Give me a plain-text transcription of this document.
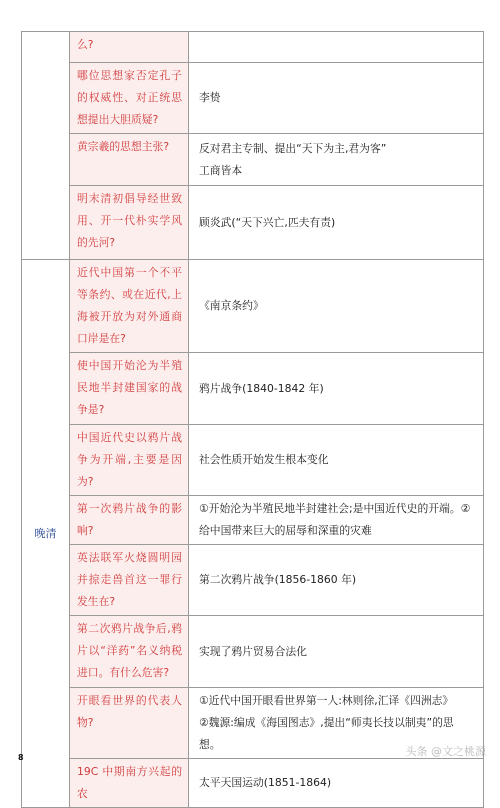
	么?	
	哪位思想家否定孔子的权威性、对正统思想提出大胆质疑?	李贽
	黄宗羲的思想主张?	反对君主专制、提出“天下为主,君为客”
工商皆本

	明末清初倡导经世致用、开一代朴实学风的先河?	顾炎武(“天下兴亡,匹夫有责)
晚清	近代中国第一个不平等条约、或在近代,上海被开放为对外通商口岸是在?	《南京条约》
	使中国开始沦为半殖民地半封建国家的战争是?	鸦片战争(1840-1842 年)
	中国近代史以鸦片战争为开端,主要是因为?	社会性质开始发生根本变化
	第一次鸦片战争的影响?	①开始沦为半殖民地半封建社会;是中国近代史的开端。②给中国带来巨大的屈辱和深重的灾难
	英法联军火烧圆明园并掠走兽首这一罪行发生在?	第二次鸦片战争(1856-1860 年)
	第二次鸦片战争后,鸦片以“洋药”名义纳税进口。有什么危害?	实现了鸦片贸易合法化
	开眼看世界的代表人物?	①近代中国开眼看世界第一人:林则徐,汇译《四洲志》
②魏源:编成《海国图志》,提出“师夷长技以制夷”的思想。

	19C 中期南方兴起的农	太平天国运动(1851-1864)
8	头条 @文之桃源
